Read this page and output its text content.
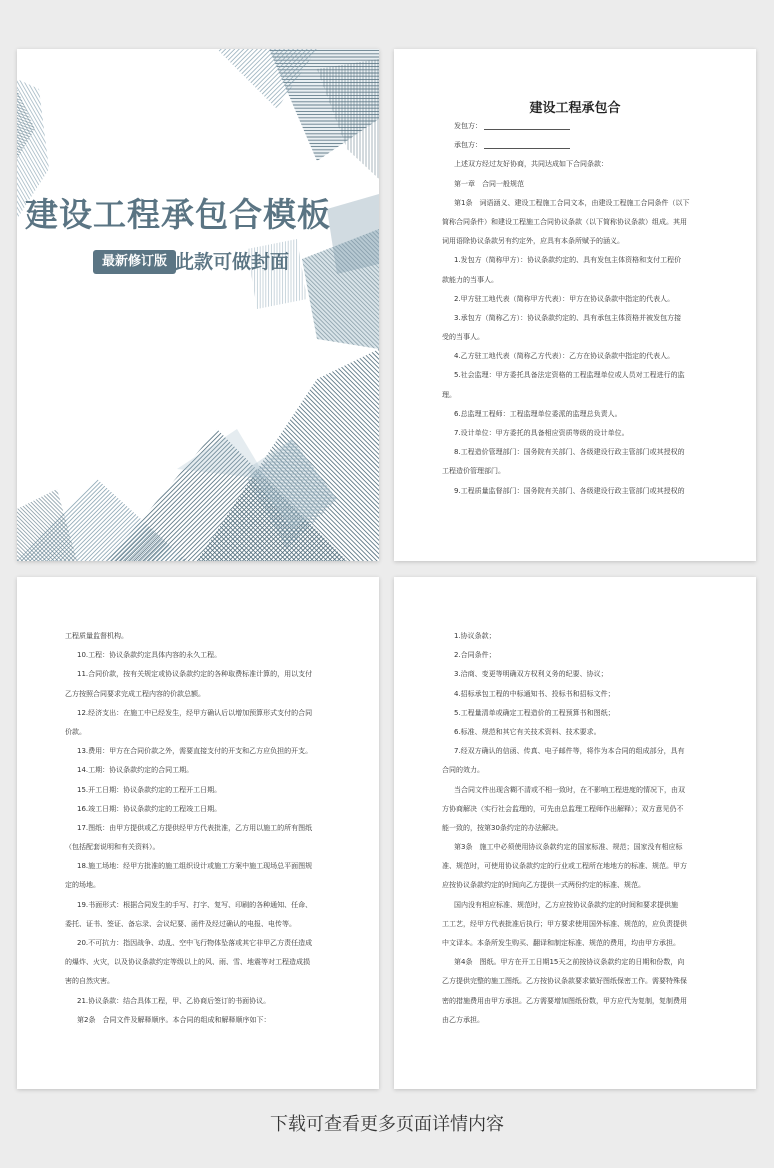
建设工程承包合模板
最新修订版 此款可做封面
建设工程承包合
发包方：
承包方：
上述双方经过友好协商，共同达成如下合同条款：
第一章　合同一般规范
第1条　词语涵义、建设工程施工合同文本，由建设工程施工合同条件（以下
简称合同条件）和建设工程施工合同协议条款（以下简称协议条款）组成。其用
词用语除协议条款另有约定外，应具有本条所赋予的涵义。
1.发包方（简称甲方）：协议条款约定的、具有发包主体资格和支付工程价
款能力的当事人。
2.甲方驻工地代表（简称甲方代表）：甲方在协议条款中指定的代表人。
3.承包方（简称乙方）：协议条款约定的、具有承包主体资格并被发包方接
受的当事人。
4.乙方驻工地代表（简称乙方代表）：乙方在协议条款中指定的代表人。
5.社会监理：甲方委托具备法定资格的工程监理单位或人员对工程进行的监
理。
6.总监理工程师：工程监理单位委派的监理总负责人。
7.设计单位：甲方委托的具备相应资质等级的设计单位。
8.工程造价管理部门：国务院有关部门、各级建设行政主管部门或其授权的
工程造价管理部门。
9.工程质量监督部门：国务院有关部门、各级建设行政主管部门或其授权的
工程质量监督机构。
10.工程：协议条款约定具体内容的永久工程。
11.合同价款，按有关规定或协议条款约定的各种取费标准计算的，用以支付
乙方按照合同要求完成工程内容的价款总额。
12.经济支出：在施工中已经发生，经甲方确认后以增加预算形式支付的合同
价款。
13.费用：甲方在合同价款之外，需要直接支付的开支和乙方应负担的开支。
14.工期：协议条款约定的合同工期。
15.开工日期：协议条款约定的工程开工日期。
16.竣工日期：协议条款约定的工程竣工日期。
17.图纸：由甲方提供或乙方提供经甲方代表批准，乙方用以施工的所有图纸
（包括配套说明和有关资料）。
18.施工场地：经甲方批准的施工组织设计或施工方案中施工现场总平面图规
定的场地。
19.书面形式：根据合同发生的手写、打字、复写、印刷的各种通知、任命、
委托、证书、签证、备忘录、会议纪要、函件及经过确认的电报、电传等。
20.不可抗力：指因战争、动乱、空中飞行物体坠落或其它非甲乙方责任造成
的爆炸、火灾，以及协议条款约定等级以上的风、雨、雪、地震等对工程造成损
害的自然灾害。
21.协议条款：结合具体工程，甲、乙协商后签订的书面协议。
第2条　合同文件及解释顺序。本合同的组成和解释顺序如下：
1.协议条款；
2.合同条件；
3.洽商、变更等明确双方权利义务的纪要、协议；
4.招标承包工程的中标通知书、投标书和招标文件；
5.工程量清单或确定工程造价的工程预算书和图纸；
6.标准、规范和其它有关技术资料、技术要求。
7.经双方确认的信函、传真、电子邮件等，将作为本合同的组成部分，具有
合同的效力。
当合同文件出现含糊不清或不相一致时，在不影响工程进度的情况下，由双
方协商解决（实行社会监理的，可先由总监理工程师作出解释）；双方意见仍不
能一致的，按第30条约定的办法解决。
第3条　施工中必须使用协议条款约定的国家标准、规范；国家没有相应标
准、规范时，可使用协议条款约定的行业或工程所在地地方的标准、规范。甲方
应按协议条款约定的时间向乙方提供一式两份约定的标准、规范。
国内没有相应标准、规范时，乙方应按协议条款约定的时间和要求提供施
工工艺，经甲方代表批准后执行；甲方要求使用国外标准、规范的，应负责提供
中文译本。本条所发生购买、翻译和制定标准、规范的费用，均由甲方承担。
第4条　图纸。甲方在开工日期15天之前按协议条款约定的日期和份数，向
乙方提供完整的施工图纸。乙方按协议条款要求做好图纸保密工作。需要特殊保
密的措施费用由甲方承担。乙方需要增加图纸份数，甲方应代为复制，复制费用
由乙方承担。
下载可查看更多页面详情内容
